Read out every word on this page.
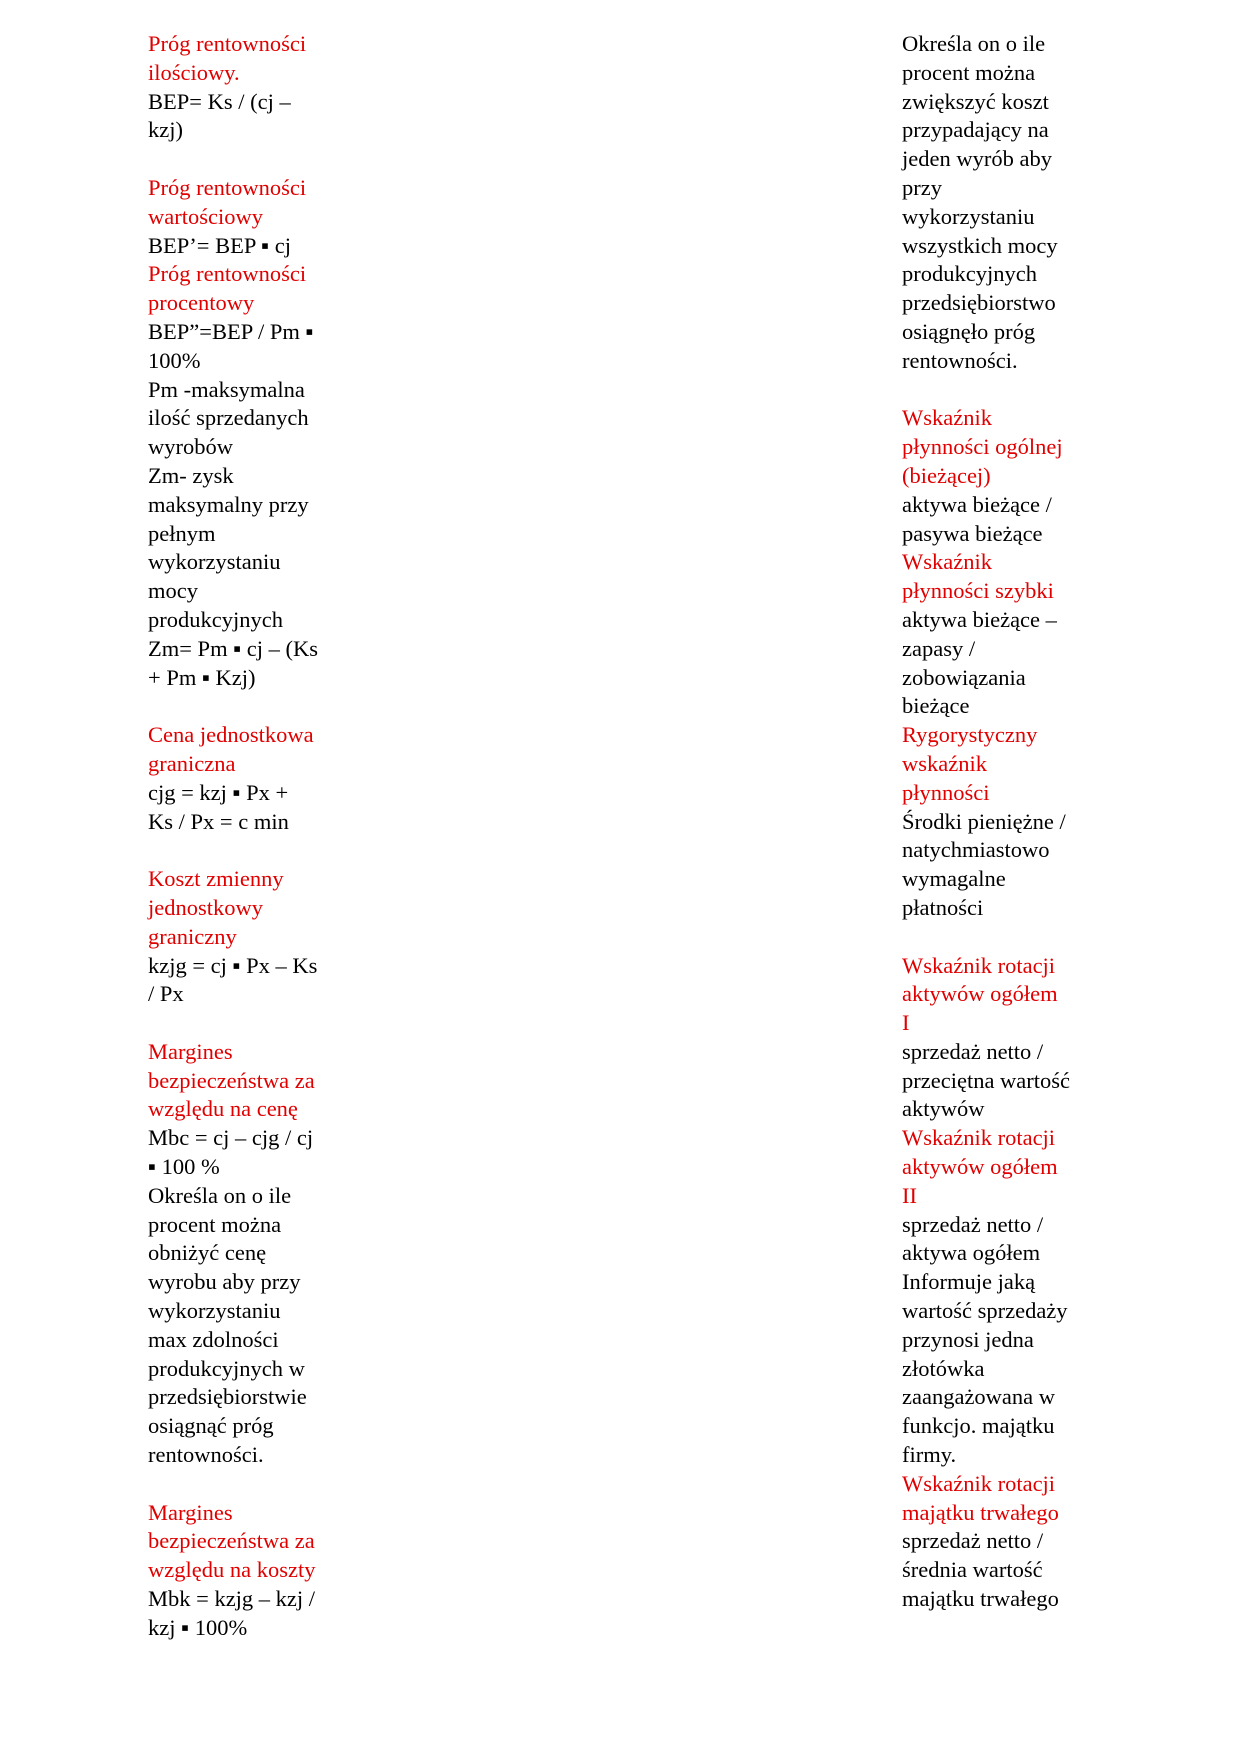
Próg rentowności
ilościowy.
BEP= Ks / (cj –
kzj)
Próg rentowności
wartościowy
BEP’= BEP ▪ cj
Próg rentowności
procentowy
BEP”=BEP / Pm ▪
100%
Pm -maksymalna
ilość sprzedanych
wyrobów
Zm- zysk
maksymalny przy
pełnym
wykorzystaniu
mocy
produkcyjnych
Zm= Pm ▪ cj – (Ks
+ Pm ▪ Kzj)
Cena jednostkowa
graniczna
cjg = kzj ▪ Px +
Ks / Px = c min
Koszt zmienny
jednostkowy
graniczny
kzjg = cj ▪ Px – Ks
/ Px
Margines
bezpieczeństwa za
względu na cenę
Mbc = cj – cjg / cj
▪ 100 %
Określa on o ile
procent można
obniżyć cenę
wyrobu aby przy
wykorzystaniu
max zdolności
produkcyjnych w
przedsiębiorstwie
osiągnąć próg
rentowności.
Margines
bezpieczeństwa za
względu na koszty
Mbk = kzjg – kzj /
kzj ▪ 100%
Określa on o ile
procent można
zwiększyć koszt
przypadający na
jeden wyrób aby
przy
wykorzystaniu
wszystkich mocy
produkcyjnych
przedsiębiorstwo
osiągnęło próg
rentowności.
Wskaźnik
płynności ogólnej
(bieżącej)
aktywa bieżące /
pasywa bieżące
Wskaźnik
płynności szybki
aktywa bieżące –
zapasy /
zobowiązania
bieżące
Rygorystyczny
wskaźnik
płynności
Środki pieniężne /
natychmiastowo
wymagalne
płatności
Wskaźnik rotacji
aktywów ogółem
I
sprzedaż netto /
przeciętna wartość
aktywów
Wskaźnik rotacji
aktywów ogółem
II
sprzedaż netto /
aktywa ogółem
Informuje jaką
wartość sprzedaży
przynosi jedna
złotówka
zaangażowana w
funkcjo. majątku
firmy.
Wskaźnik rotacji
majątku trwałego
sprzedaż netto /
średnia wartość
majątku trwałego
